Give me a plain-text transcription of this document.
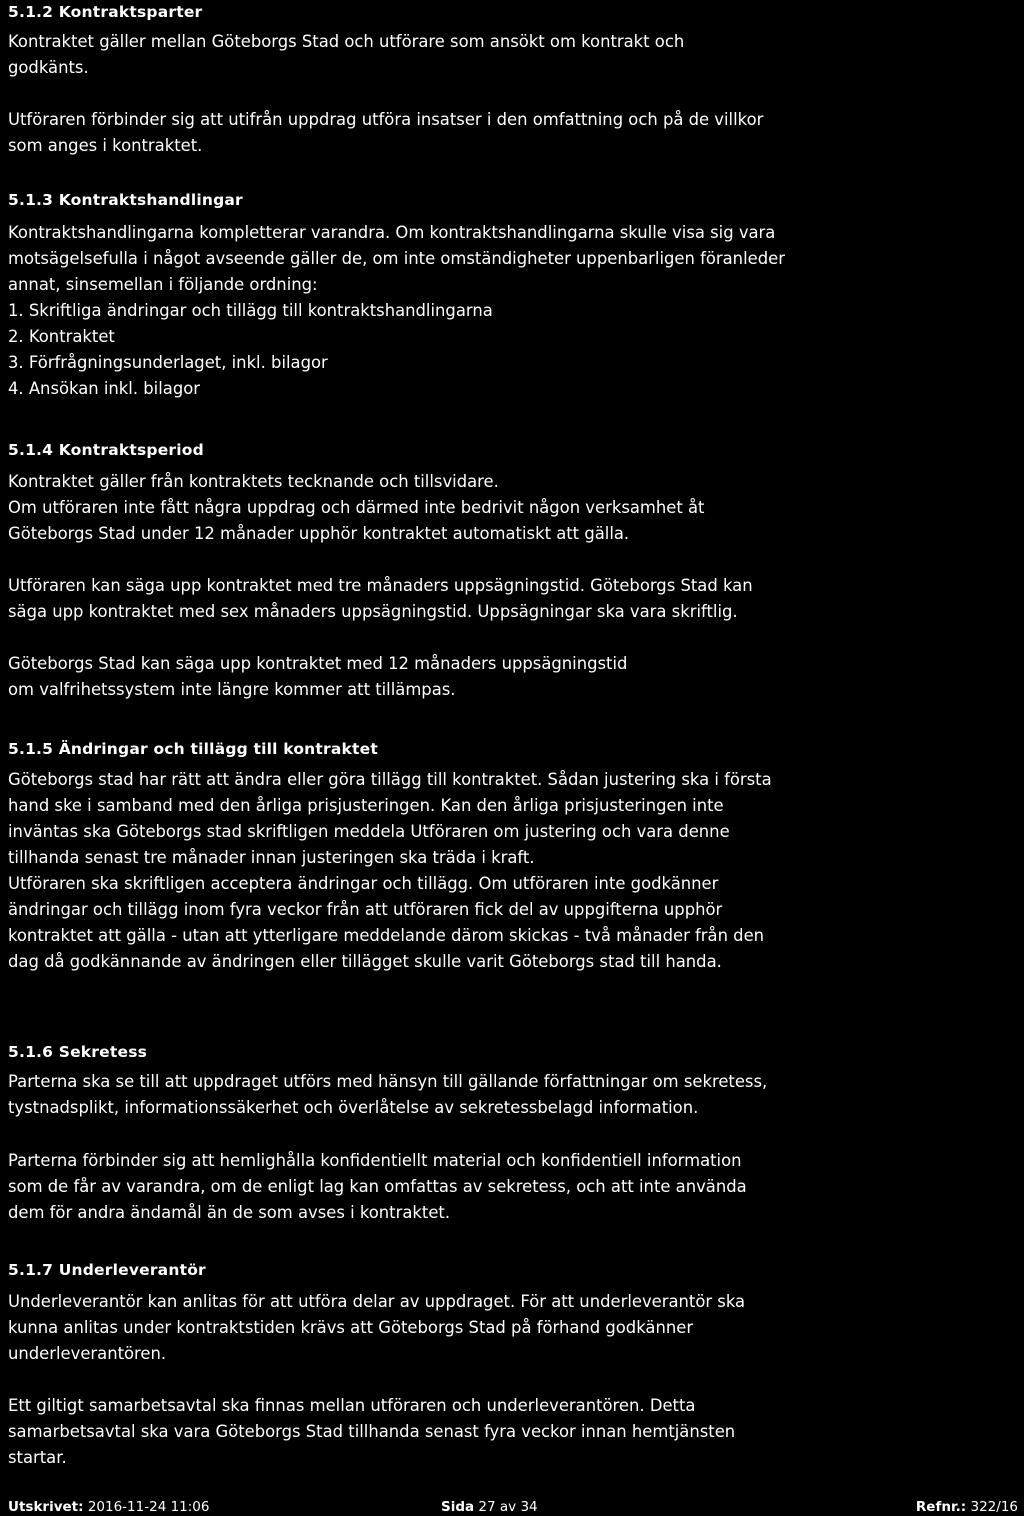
5.1.2 Kontraktsparter

Kontraktet gäller mellan Göteborgs Stad och utförare som ansökt om kontrakt och
godkänts.

Utföraren förbinder sig att utifrån uppdrag utföra insatser i den omfattning och på de villkor
som anges i kontraktet.

5.1.3 Kontraktshandlingar

Kontraktshandlingarna kompletterar varandra. Om kontraktshandlingarna skulle visa sig vara
motsägelsefulla i något avseende gäller de, om inte omständigheter uppenbarligen föranleder
annat, sinsemellan i följande ordning:
1. Skriftliga ändringar och tillägg till kontraktshandlingarna
2. Kontraktet
3. Förfrågningsunderlaget, inkl. bilagor
4. Ansökan inkl. bilagor

5.1.4 Kontraktsperiod

Kontraktet gäller från kontraktets tecknande och tillsvidare.
Om utföraren inte fått några uppdrag och därmed inte bedrivit någon verksamhet åt
Göteborgs Stad under 12 månader upphör kontraktet automatiskt att gälla.

Utföraren kan säga upp kontraktet med tre månaders uppsägningstid. Göteborgs Stad kan
säga upp kontraktet med sex månaders uppsägningstid. Uppsägningar ska vara skriftlig.

Göteborgs Stad kan säga upp kontraktet med 12 månaders uppsägningstid
om valfrihetssystem inte längre kommer att tillämpas.

5.1.5 Ändringar och tillägg till kontraktet

Göteborgs stad har rätt att ändra eller göra tillägg till kontraktet. Sådan justering ska i första
hand ske i samband med den årliga prisjusteringen. Kan den årliga prisjusteringen inte
inväntas ska Göteborgs stad skriftligen meddela Utföraren om justering och vara denne
tillhanda senast tre månader innan justeringen ska träda i kraft.
Utföraren ska skriftligen acceptera ändringar och tillägg. Om utföraren inte godkänner
ändringar och tillägg inom fyra veckor från att utföraren fick del av uppgifterna upphör
kontraktet att gälla - utan att ytterligare meddelande därom skickas - två månader från den
dag då godkännande av ändringen eller tillägget skulle varit Göteborgs stad till handa.

5.1.6 Sekretess

Parterna ska se till att uppdraget utförs med hänsyn till gällande författningar om sekretess,
tystnadsplikt, informationssäkerhet och överlåtelse av sekretessbelagd information.

Parterna förbinder sig att hemlighålla konfidentiellt material och konfidentiell information
som de får av varandra, om de enligt lag kan omfattas av sekretess, och att inte använda
dem för andra ändamål än de som avses i kontraktet.

5.1.7 Underleverantör

Underleverantör kan anlitas för att utföra delar av uppdraget. För att underleverantör ska
kunna anlitas under kontraktstiden krävs att Göteborgs Stad på förhand godkänner
underleverantören.

Ett giltigt samarbetsavtal ska finnas mellan utföraren och underleverantören. Detta
samarbetsavtal ska vara Göteborgs Stad tillhanda senast fyra veckor innan hemtjänsten
startar.

Utskrivet: 2016-11-24 11:06	Sida 27 av 34	Refnr.: 322/16
